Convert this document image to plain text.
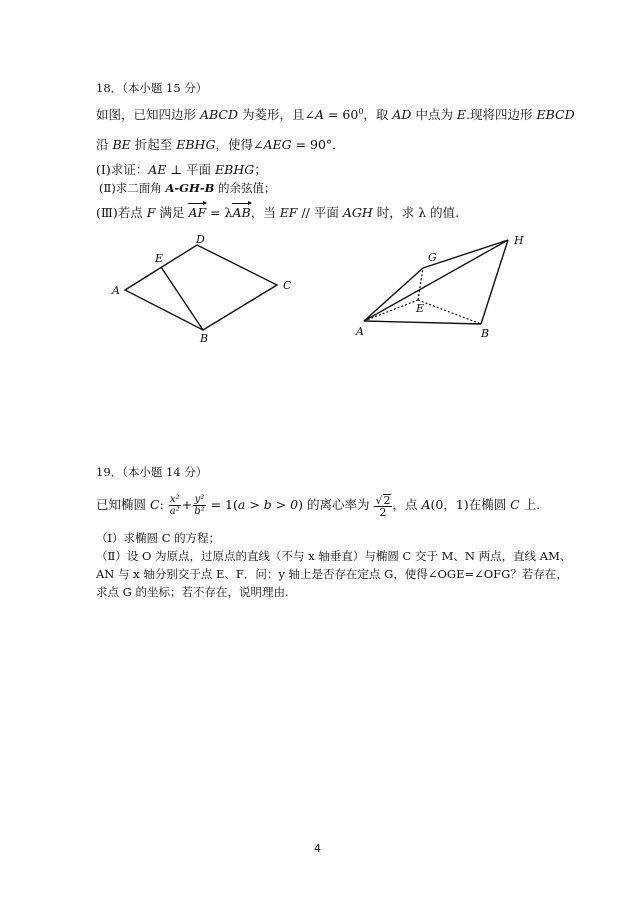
18．（本小题 15 分）
如图，已知四边形 ABCD 为菱形，且∠A = $60^0$，取 AD 中点为 E.现将四边形 EBCD
沿 BE 折起至 EBHG，使得∠AEG = 90°．
(Ⅰ)求证：AE ⊥ 平面 EBHG；
(Ⅱ)求二面角 A-GH-B 的余弦值；
(Ⅲ)若点 F 满足 AF = λAB，当 EF // 平面 AGH 时，求 λ 的值.
A
D
E
C
B
G
H
E
A	B
19．（本小题 14 分）
已知椭圆 C: $\frac{\text{x²}}{\text{a²}} + \frac{\text{y²}}{\text{b²}} = 1(a > b > 0)$ 的离心率为 $\frac{√2}{2}$ ，点 A(0，1)在椭圆 C 上.
（Ⅰ）求椭圆 C 的方程；
（Ⅱ）设 O 为原点，过原点的直线（不与 x 轴垂直）与椭圆 C 交于 M、N 两点，直线 AM、
AN 与 x 轴分别交于点 E、F．问：y 轴上是否存在定点 G，使得∠OGE=∠OFG？若存在，
求点 G 的坐标；若不存在，说明理由.
4
